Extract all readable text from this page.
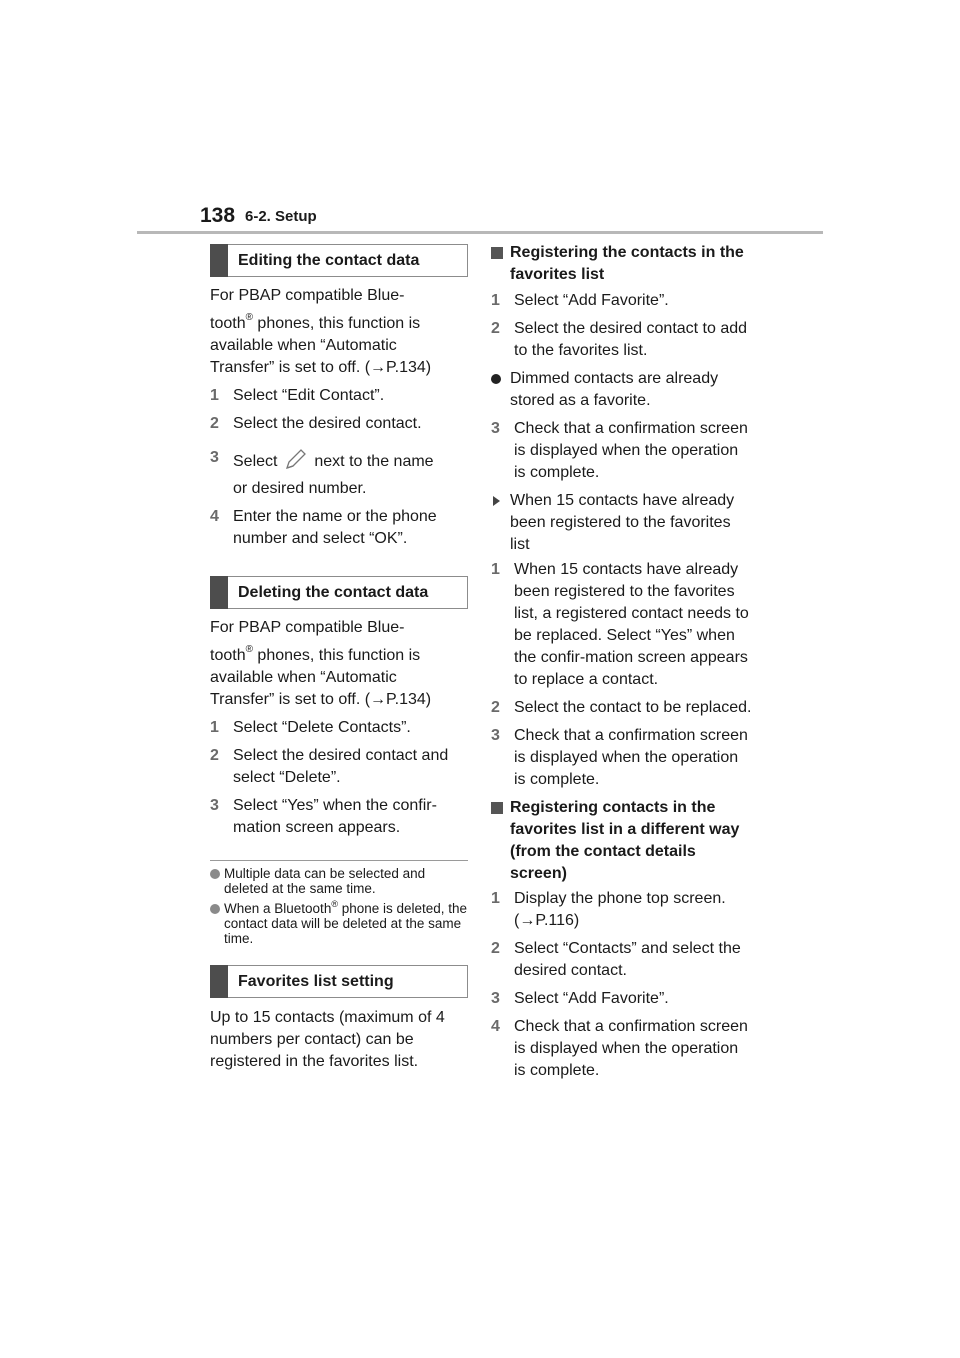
138 6-2. Setup
Editing the contact data
For PBAP compatible Blue-
tooth® phones, this function is
available when “Automatic
Transfer” is set to off. (→P.134)
1 Select “Edit Contact”.
2 Select the desired contact.
3 Select next to the name
or desired number.
4 Enter the name or the phone number and select “OK”.
Deleting the contact data
For PBAP compatible Blue-
tooth® phones, this function is
available when “Automatic
Transfer” is set to off. (→P.134)
1 Select “Delete Contacts”.
2 Select the desired contact and select “Delete”.
3 Select “Yes” when the confir-mation screen appears.
Multiple data can be selected and deleted at the same time.
When a Bluetooth® phone is deleted, the contact data will be deleted at the same time.
Favorites list setting
Up to 15 contacts (maximum of 4 numbers per contact) can be registered in the favorites list.
Registering the contacts in the favorites list
1 Select “Add Favorite”.
2 Select the desired contact to add to the favorites list.
Dimmed contacts are already stored as a favorite.
3 Check that a confirmation screen is displayed when the operation is complete.
When 15 contacts have already been registered to the favorites list
1 When 15 contacts have already been registered to the favorites list, a registered contact needs to be replaced. Select “Yes” when the confir-mation screen appears to replace a contact.
2 Select the contact to be replaced.
3 Check that a confirmation screen is displayed when the operation is complete.
Registering contacts in the favorites list in a different way (from the contact details screen)
1 Display the phone top screen. (→P.116)
2 Select “Contacts” and select the desired contact.
3 Select “Add Favorite”.
4 Check that a confirmation screen is displayed when the operation is complete.
